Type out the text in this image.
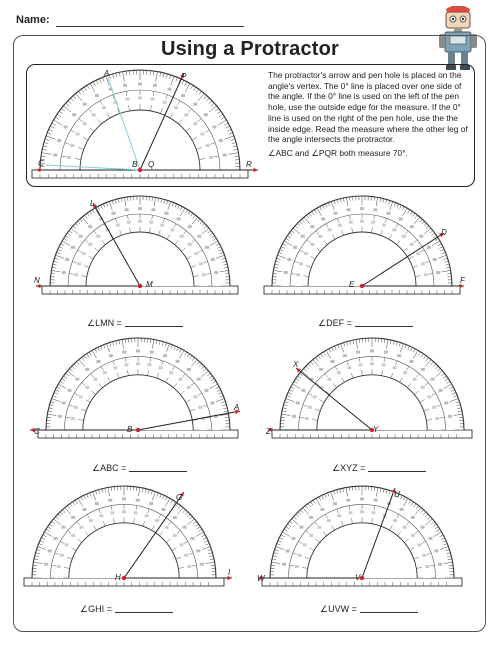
Name:
Using a Protractor

The protractor's arrow and pen hole is placed on the angle's vertex. The 0° line is placed over one side of the angle. If the 0° line is used on the left of the pen hole, use the outside edge for the measure. If the 0° line is used on the right of the pen hole, use the the inside edge. Read the measure where the other leg of the angle intersects the protractor.

∠ABC and ∠PQR both measure 70°.

A	P
C	Q
B	R
L
M
N
D
E	F
A
B
C
X
Y
Z
G
H
I
U
V
W
∠LMN =	∠DEF =
∠ABC =	∠XYZ =
∠GHI =	∠UVW =
